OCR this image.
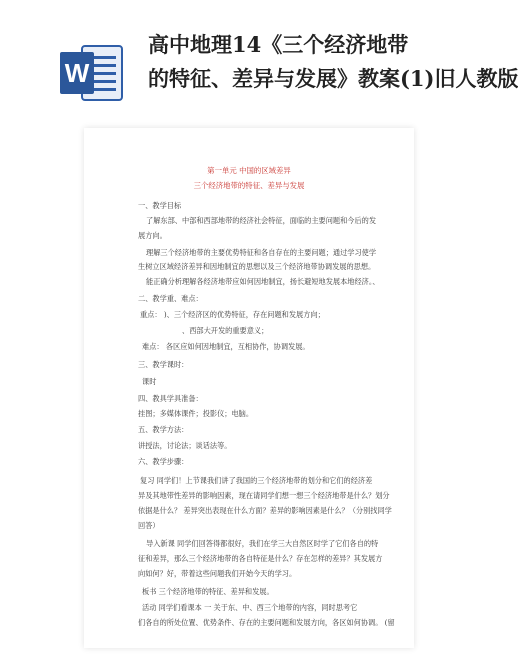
W
高中地理14《三个经济地带
的特征、差异与发展》教案(1)旧人教版
第一单元 中国的区域差异
三个经济地带的特征、差异与发展
一、教学目标
了解东部、中部和西部地带的经济社会特征，面临的主要问题和今后的发
展方向。
理解三个经济地带的主要优势特征和各自存在的主要问题；通过学习使学
生树立区域经济差异和因地制宜的思想以及三个经济地带协调发展的思想。
能正确分析理解各经济地带应如何因地制宜，扬长避短地发展本地经济。、
二、教学重、难点：
重点： )、三个经济区的优势特征，存在问题和发展方向；
、西部大开发的重要意义；
难点： 各区应如何因地制宜，互相协作，协调发展。
三、教学课时：
课时
四、教具学具准备：
挂图；多媒体课件；投影仪；电脑。
五、教学方法：
讲授法，讨论法；谈话法等。
六、教学步骤：
复习 同学们！上节课我们讲了我国的三个经济地带的划分和它们的经济差
异及其地带性差异的影响因素，现在请同学们想一想三个经济地带是什么？划分
依据是什么？ 差异突出表现在什么方面？差异的影响因素是什么？（分别找同学
回答）
导入新课 同学们回答得都很好，我们在学三大自然区时学了它们各自的特
征和差异，那么三个经济地带的各自特征是什么？存在怎样的差异？其发展方
向如何？好，带着这些问题我们开始今天的学习。
板书 三个经济地带的特征、差异和发展。
活动 同学们看课本 一 关于东、中、西三个地带的内容，同时思考它
们各自的所处位置、优势条件、存在的主要问题和发展方向，各区如何协调。 (留
